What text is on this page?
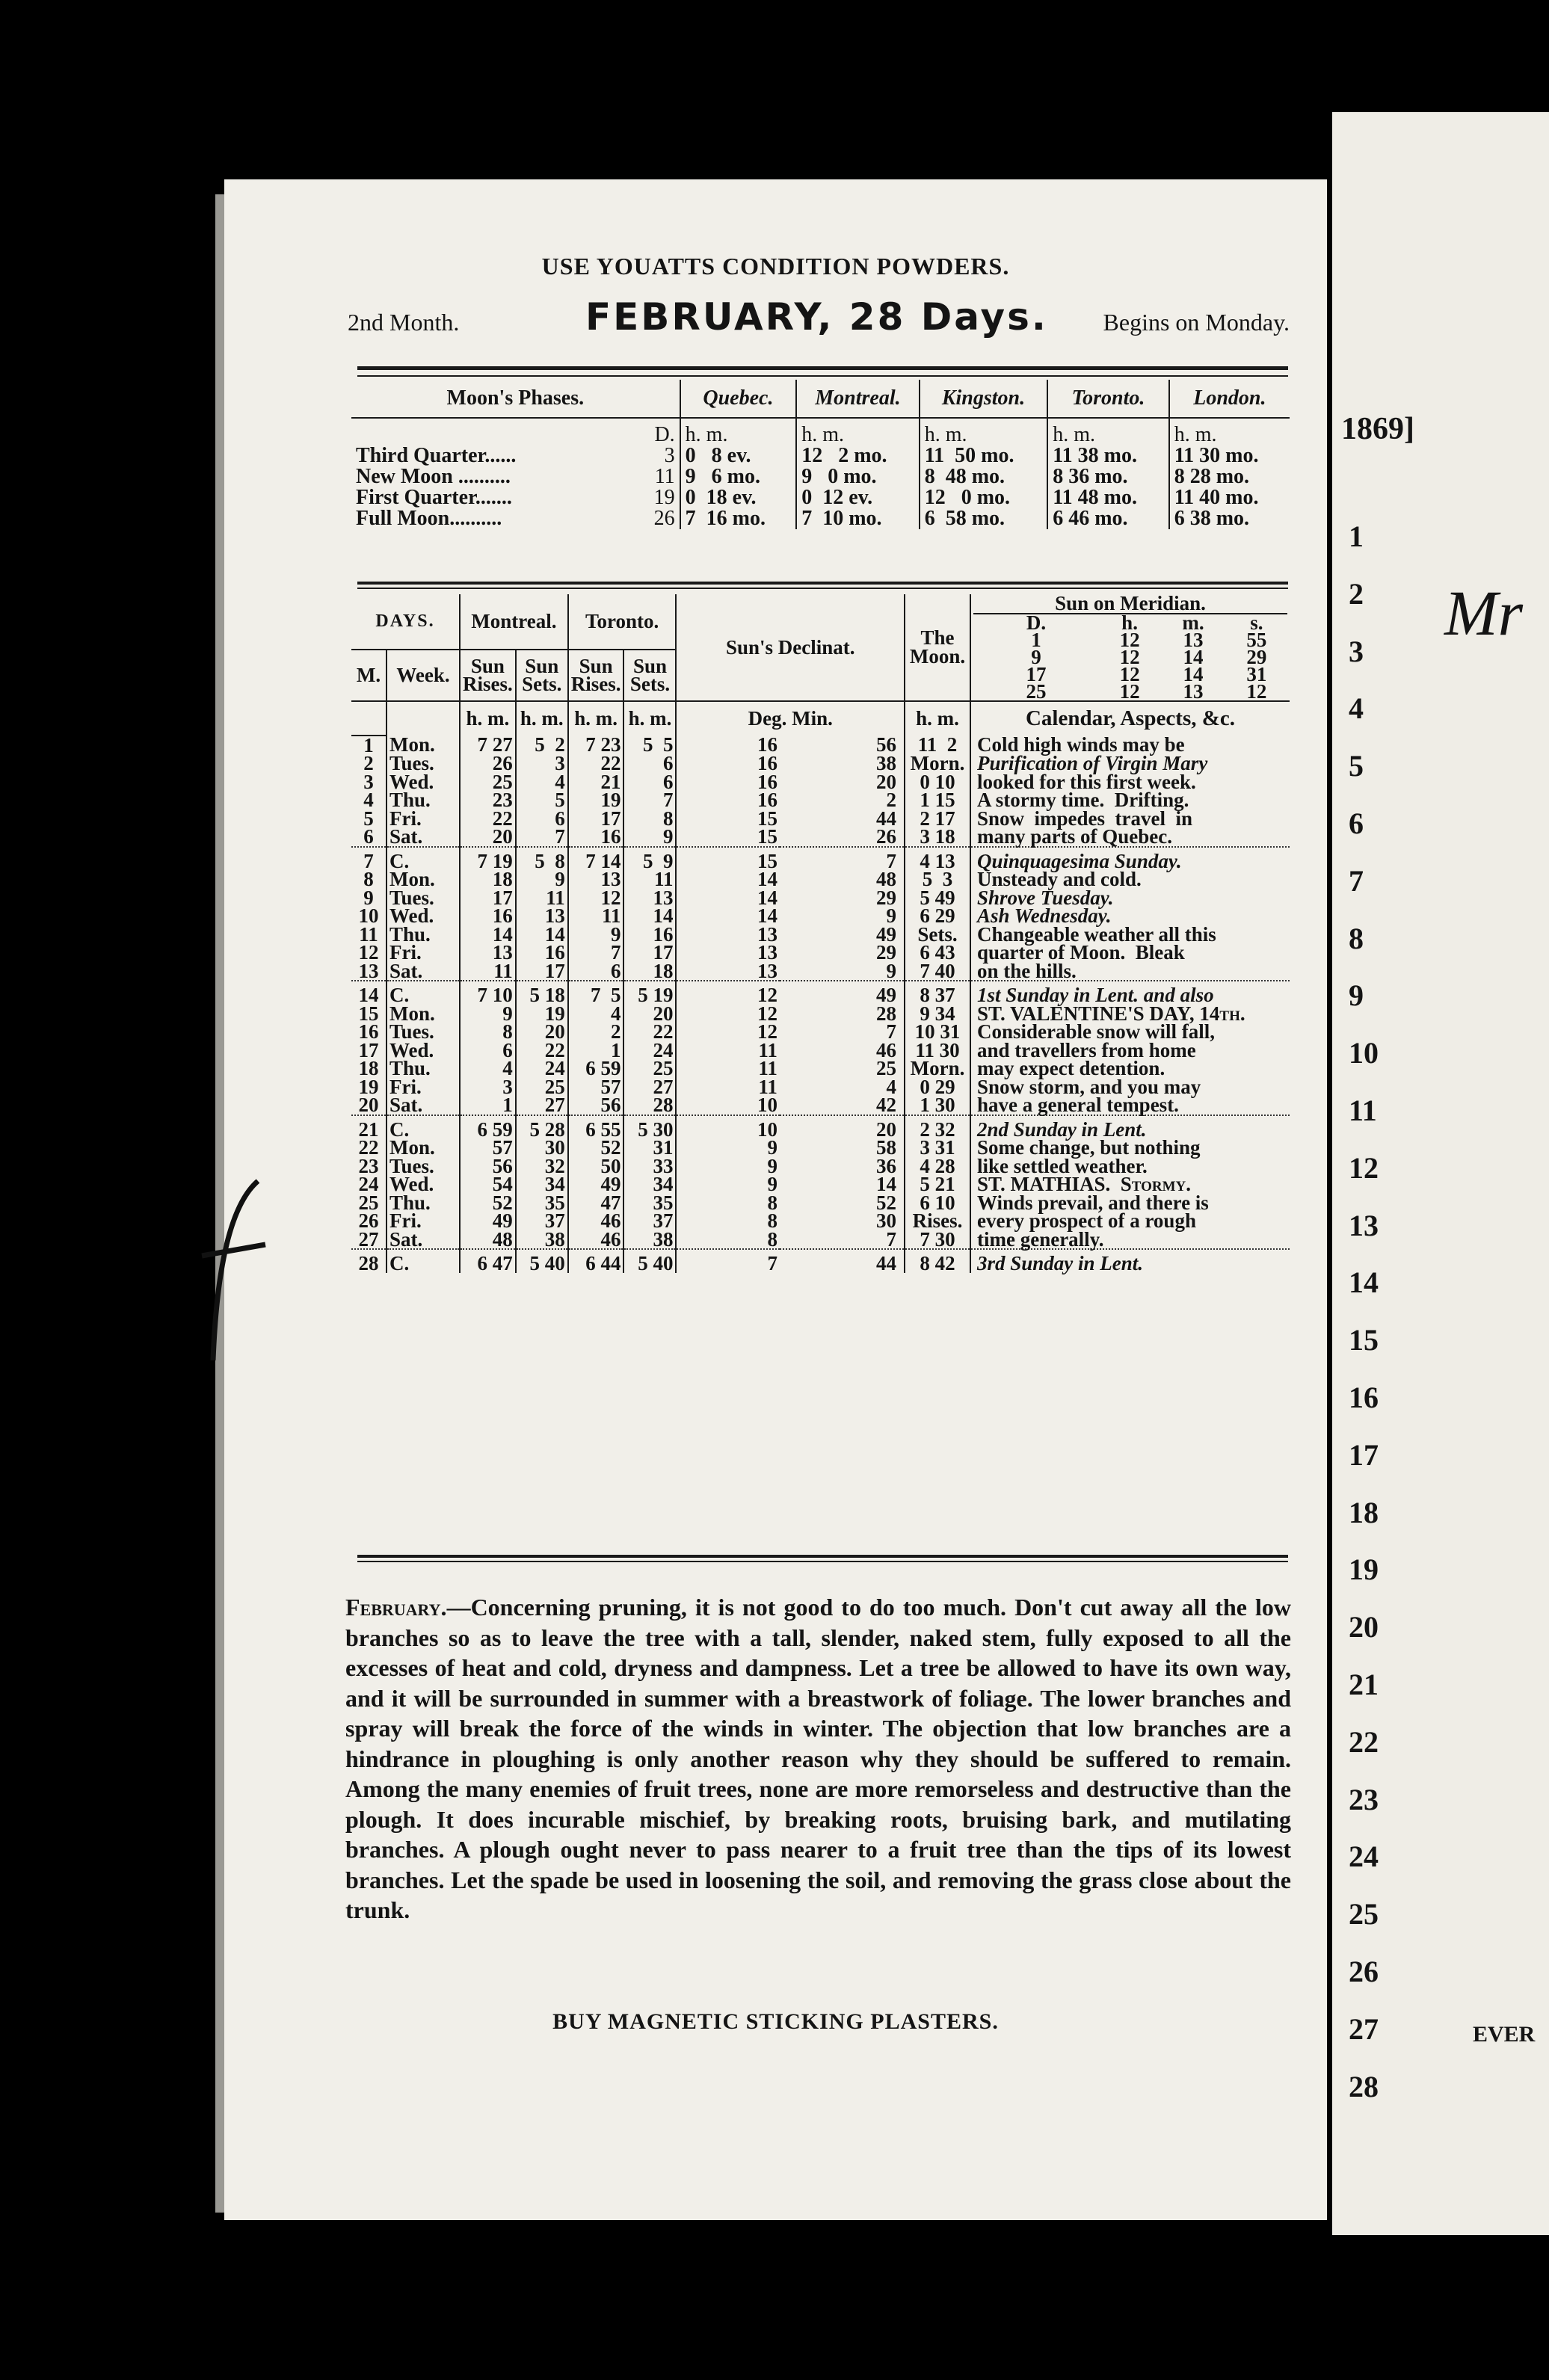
USE YOUATTS CONDITION POWDERS.
2nd Month.	FEBRUARY, 28 Days. Begins on Monday.
Moon's Phases.		Quebec.	Montreal.	Kingston.	Toronto.	London.

	D.	h. m.	h. m.	h. m.	h. m.	h. m.
Third Quarter......	3	0   8 ev.	12   2 mo.	11  50 mo.	11 38 mo.	11 30 mo.
New Moon ..........	11	9   6 mo.	9   0 mo.	8  48 mo.	8 36 mo.	8 28 mo.
First Quarter.......	19	0  18 ev.	0  12 ev.	12   0 mo.	11 48 mo.	11 40 mo.
Full Moon..........	26	7  16 mo.	7  10 mo.	6  58 mo.	6 46 mo.	6 38 mo.
DAYS.	Montreal.	Toronto.	Sun's Declinat.	The Moon.	
Sun on Meridian.
D.	h.	m.	s.
1	12	13	55
9	12	14	29
17	12	14	31
25	12	13	12

M.	Week.	Sun Rises.	Sun Sets.	Sun Rises.	Sun Sets.
		h. m.	h. m.	h. m.	h. m.	Deg. Min.	h. m.	Calendar, Aspects, &c.
1	Mon.	7 27	5  2	7 23	5  5	16	56	11  2	Cold high winds may be
2	Tues.	26	3	22	6	16	38	Morn.	Purification of Virgin Mary
3	Wed.	25	4	21	6	16	20	0 10	looked for this first week.
4	Thu.	23	5	19	7	16	2	1 15	A stormy time.  Drifting.
5	Fri.	22	6	17	8	15	44	2 17	Snow  impedes  travel  in
6	Sat.	20	7	16	9	15	26	3 18	many parts of Quebec.
7	C.	7 19	5  8	7 14	5  9	15	7	4 13	Quinquagesima Sunday.
8	Mon.	18	9	13	11	14	48	5  3	Unsteady and cold.
9	Tues.	17	11	12	13	14	29	5 49	Shrove Tuesday.
10	Wed.	16	13	11	14	14	9	6 29	Ash Wednesday.
11	Thu.	14	14	9	16	13	49	Sets.	Changeable weather all this
12	Fri.	13	16	7	17	13	29	6 43	quarter of Moon.  Bleak
13	Sat.	11	17	6	18	13	9	7 40	on the hills.
14	C.	7 10	5 18	7  5	5 19	12	49	8 37	1st Sunday in Lent. and also
15	Mon.	9	19	4	20	12	28	9 34	ST. VALENTINE'S DAY, 14th.
16	Tues.	8	20	2	22	12	7	10 31	Considerable snow will fall,
17	Wed.	6	22	1	24	11	46	11 30	and travellers from home
18	Thu.	4	24	6 59	25	11	25	Morn.	may expect detention.
19	Fri.	3	25	57	27	11	4	0 29	Snow storm, and you may
20	Sat.	1	27	56	28	10	42	1 30	have a general tempest.
21	C.	6 59	5 28	6 55	5 30	10	20	2 32	2nd Sunday in Lent.
22	Mon.	57	30	52	31	9	58	3 31	Some change, but nothing
23	Tues.	56	32	50	33	9	36	4 28	like settled weather.
24	Wed.	54	34	49	34	9	14	5 21	ST. MATHIAS.  Stormy.
25	Thu.	52	35	47	35	8	52	6 10	Winds prevail, and there is
26	Fri.	49	37	46	37	8	30	Rises.	every prospect of a rough
27	Sat.	48	38	46	38	8	7	7 30	time generally.
28	C.	6 47	5 40	6 44	5 40	7	44	8 42	3rd Sunday in Lent.
February.—Concerning pruning, it is not good to do too much. Don't cut away all the low branches so as to leave the tree with a tall, slender, naked stem, fully exposed to all the excesses of heat and cold, dryness and dampness. Let a tree be allowed to have its own way, and it will be surrounded in summer with a breastwork of foliage. The lower branches and spray will break the force of the winds in winter. The objection that low branches are a hindrance in ploughing is only another reason why they should be suffered to remain. Among the many enemies of fruit trees, none are more remorseless and destructive than the plough. It does incurable mischief, by breaking roots, bruising bark, and mutilating branches. A plough ought never to pass nearer to a fruit tree than the tips of its lowest branches. Let the spade be used in loosening the soil, and removing the grass close about the trunk.
BUY MAGNETIC STICKING PLASTERS.
1869]
1
2
3
4
5
6
7
8
9
10
11
12
13
14
15
16
17
18
19
20
21
22
23
24
25
26
27
28
Mr
EVER
